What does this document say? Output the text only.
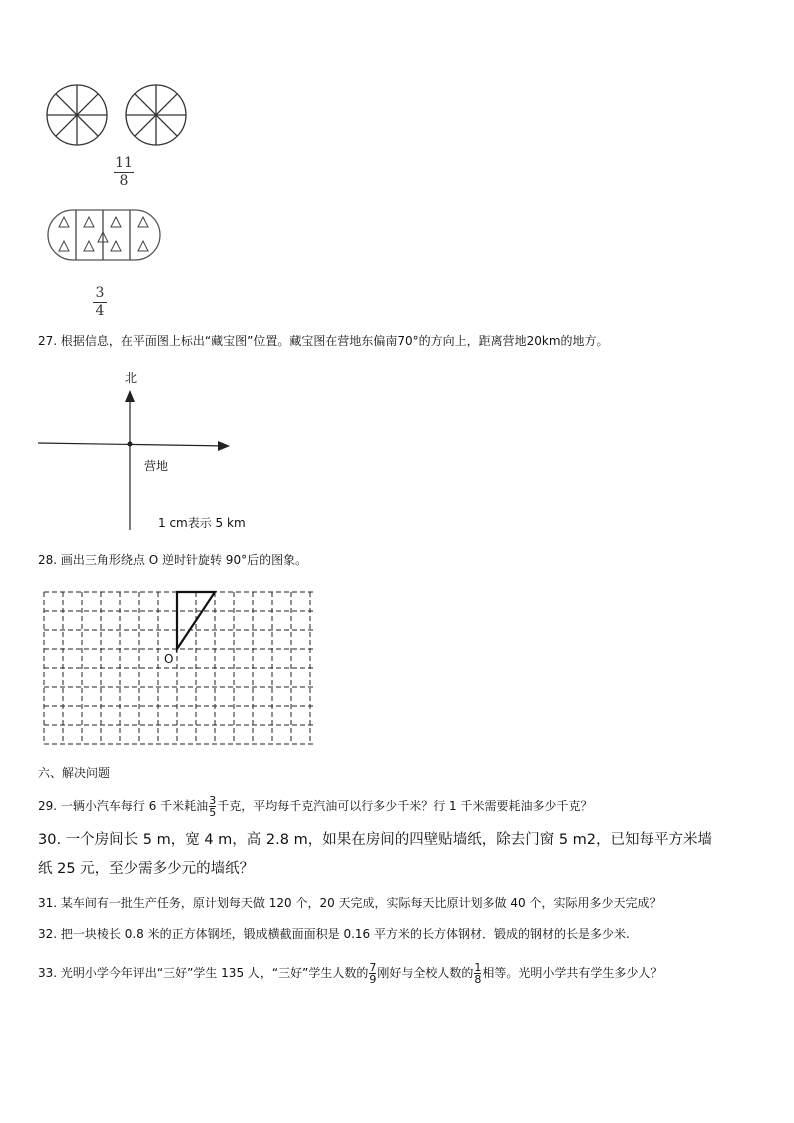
11
8
3
4
27. 根据信息，在平面图上标出“藏宝图”位置。藏宝图在营地东偏南70°的方向上，距离营地20km的地方。
北
营地
1 cm表示 5 km
28. 画出三角形绕点 O 逆时针旋转 90°后的图象。
O
六、解决问题
29. 一辆小汽车每行 6 千米耗油 $\frac{3}{5}$ 千克，平均每千克汽油可以行多少千米？行 1 千米需要耗油多少千克？
30. 一个房间长 5 m，宽 4 m，高 2.8 m，如果在房间的四壁贴墙纸，除去门窗 5 m2，已知每平方米墙
纸 25 元，至少需多少元的墙纸？
31. 某车间有一批生产任务，原计划每天做 120 个，20 天完成，实际每天比原计划多做 40 个，实际用多少天完成？
32. 把一块棱长 0.8 米的正方体钢坯，锻成横截面面积是 0.16 平方米的长方体钢材．锻成的钢材的长是多少米.
33. 光明小学今年评出“三好”学生 135 人，“三好”学生人数的 $\frac{7}{9}$ 刚好与全校人数的 $\frac{1}{8}$ 相等。光明小学共有学生多少人？
